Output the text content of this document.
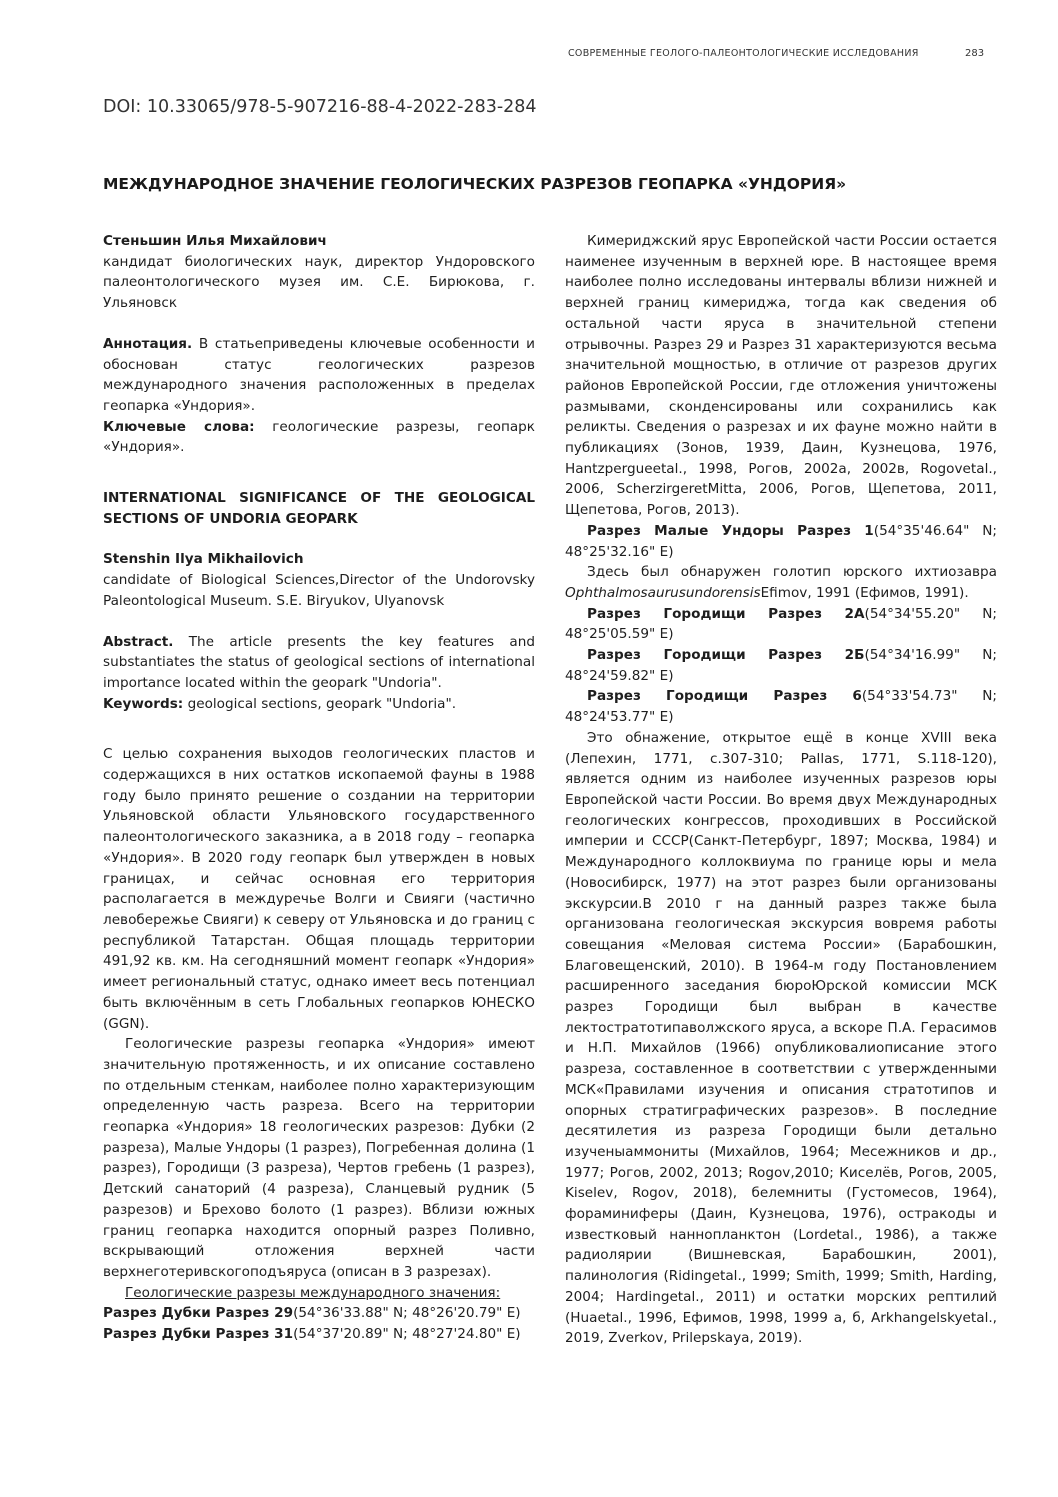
СОВРЕМЕННЫЕ ГЕОЛОГО-ПАЛЕОНТОЛОГИЧЕСКИЕ ИССЛЕДОВАНИЯ	283
DOI: 10.33065/978-5-907216-88-4-2022-283-284
МЕЖДУНАРОДНОЕ ЗНАЧЕНИЕ ГЕОЛОГИЧЕСКИХ РАЗРЕЗОВ ГЕОПАРКА «УНДОРИЯ»

Стеньшин Илья Михайлович

кандидат биологических наук, директор Ундоровского палеонтологического музея им. С.Е. Бирюкова, г. Ульяновск

Аннотация. В статьеприведены ключевые особенности и обоснован статус геологических разрезов международного значения расположенных в пределах геопарка «Ундория».

Ключевые слова: геологические разрезы, геопарк «Ундория».

INTERNATIONAL SIGNIFICANCE OF THE GEOLOGICAL SECTIONS OF UNDORIA GEOPARK

Stenshin Ilya Mikhailovich

candidate of Biological Sciences,Director of the Undorovsky Paleontological Museum. S.E. Biryukov, Ulyanovsk

Abstract. The article presents the key features and substantiates the status of geological sections of international importance located within the geopark "Undoria".

Keywords: geological sections, geopark "Undoria".

С целью сохранения выходов геологических пластов и содержащихся в них остатков ископаемой фауны в 1988 году было принято решение о создании на территории Ульяновской области Ульяновского государственного палеонтологического заказника, а в 2018 году – геопарка «Ундория». В 2020 году геопарк был утвержден в новых границах, и сейчас основная его территория располагается в междуречье Волги и Свияги (частично левобережье Свияги) к северу от Ульяновска и до границ с республикой Татарстан. Общая площадь территории 491,92 кв. км. На сегодняшний момент геопарк «Ундория» имеет региональный статус, однако имеет весь потенциал быть включённым в сеть Глобальных геопарков ЮНЕСКО (GGN).

Геологические разрезы геопарка «Ундория» имеют значительную протяженность, и их описание составлено по отдельным стенкам, наиболее полно характеризующим определенную часть разреза. Всего на территории геопарка «Ундория» 18 геологических разрезов: Дубки (2 разреза), Малые Ундоры (1 разрез), Погребенная долина (1 разрез), Городищи (3 разреза), Чертов гребень (1 разрез), Детский санаторий (4 разреза), Сланцевый рудник (5 разрезов) и Брехово болото (1 разрез). Вблизи южных границ геопарка находится опорный разрез Поливно, вскрывающий отложения верхней части верхнеготеривскогоподъяруса (описан в 3 разрезах).

Геологические разрезы международного значения:

Разрез Дубки Разрез 29(54°36'33.88" N; 48°26'20.79" E)

Разрез Дубки Разрез 31(54°37'20.89" N; 48°27'24.80" E)

Кимериджский ярус Европейской части России остается наименее изученным в верхней юре. В настоящее время наиболее полно исследованы интервалы вблизи нижней и верхней границ кимериджа, тогда как сведения об остальной части яруса в значительной степени отрывочны. Разрез 29 и Разрез 31 характеризуются весьма значительной мощностью, в отличие от разрезов других районов Европейской России, где отложения уничтожены размывами, сконденсированы или сохранились как реликты. Сведения о разрезах и их фауне можно найти в публикациях (Зонов, 1939, Даин, Кузнецова, 1976, Hantzpergueetal., 1998, Рогов, 2002а, 2002в, Rogovetal., 2006, ScherzirgeretMitta, 2006, Рогов, Щепетова, 2011, Щепетова, Рогов, 2013).

Разрез Малые Ундоры Разрез 1(54°35'46.64" N; 48°25'32.16" E)

Здесь был обнаружен голотип юрского ихтиозавра OphthalmosaurusundorensisEfimov, 1991 (Ефимов, 1991).

Разрез Городищи Разрез 2А(54°34'55.20" N; 48°25'05.59" E)

Разрез Городищи Разрез 2Б(54°34'16.99" N; 48°24'59.82" E)

Разрез Городищи Разрез 6(54°33'54.73" N; 48°24'53.77" E)

Это обнажение, открытое ещё в конце XVIII века (Лепехин, 1771, с.307-310; Pallas, 1771, S.118-120), является одним из наиболее изученных разрезов юры Европейской части России. Во время двух Международных геологических конгрессов, проходивших в Российской империи и СССР(Санкт-Петербург, 1897; Москва, 1984) и Международного коллоквиума по границе юры и мела (Новосибирск, 1977) на этот разрез были организованы экскурсии.В 2010 г на данный разрез также была организована геологическая экскурсия вовремя работы совещания «Меловая система России» (Барабошкин, Благовещенский, 2010). В 1964-м году Постановлением расширенного заседания бюроЮрской комиссии МСК разрез Городищи был выбран в качестве лектостратотипаволжского яруса, а вскоре П.А. Герасимов и Н.П. Михайлов (1966) опубликовалиописание этого разреза, составленное в соответствии с утвержденными МСК«Правилами изучения и описания стратотипов и опорных стратиграфических разрезов». В последние десятилетия из разреза Городищи были детально изученыаммониты (Михайлов, 1964; Месежников и др., 1977; Рогов, 2002, 2013; Rogov,2010; Киселёв, Рогов, 2005, Kiselev, Rogov, 2018), белемниты (Густомесов, 1964), фораминиферы (Даин, Кузнецова, 1976), остракоды и известковый наннопланктон (Lordetal., 1986), а также радиолярии (Вишневская, Барабошкин, 2001), палинология (Ridingetal., 1999; Smith, 1999; Smith, Harding, 2004; Hardingetal., 2011) и остатки морских рептилий (Huaetal., 1996, Ефимов, 1998, 1999 а, б, Arkhangelskyetal., 2019, Zverkov, Prilepskaya, 2019).
